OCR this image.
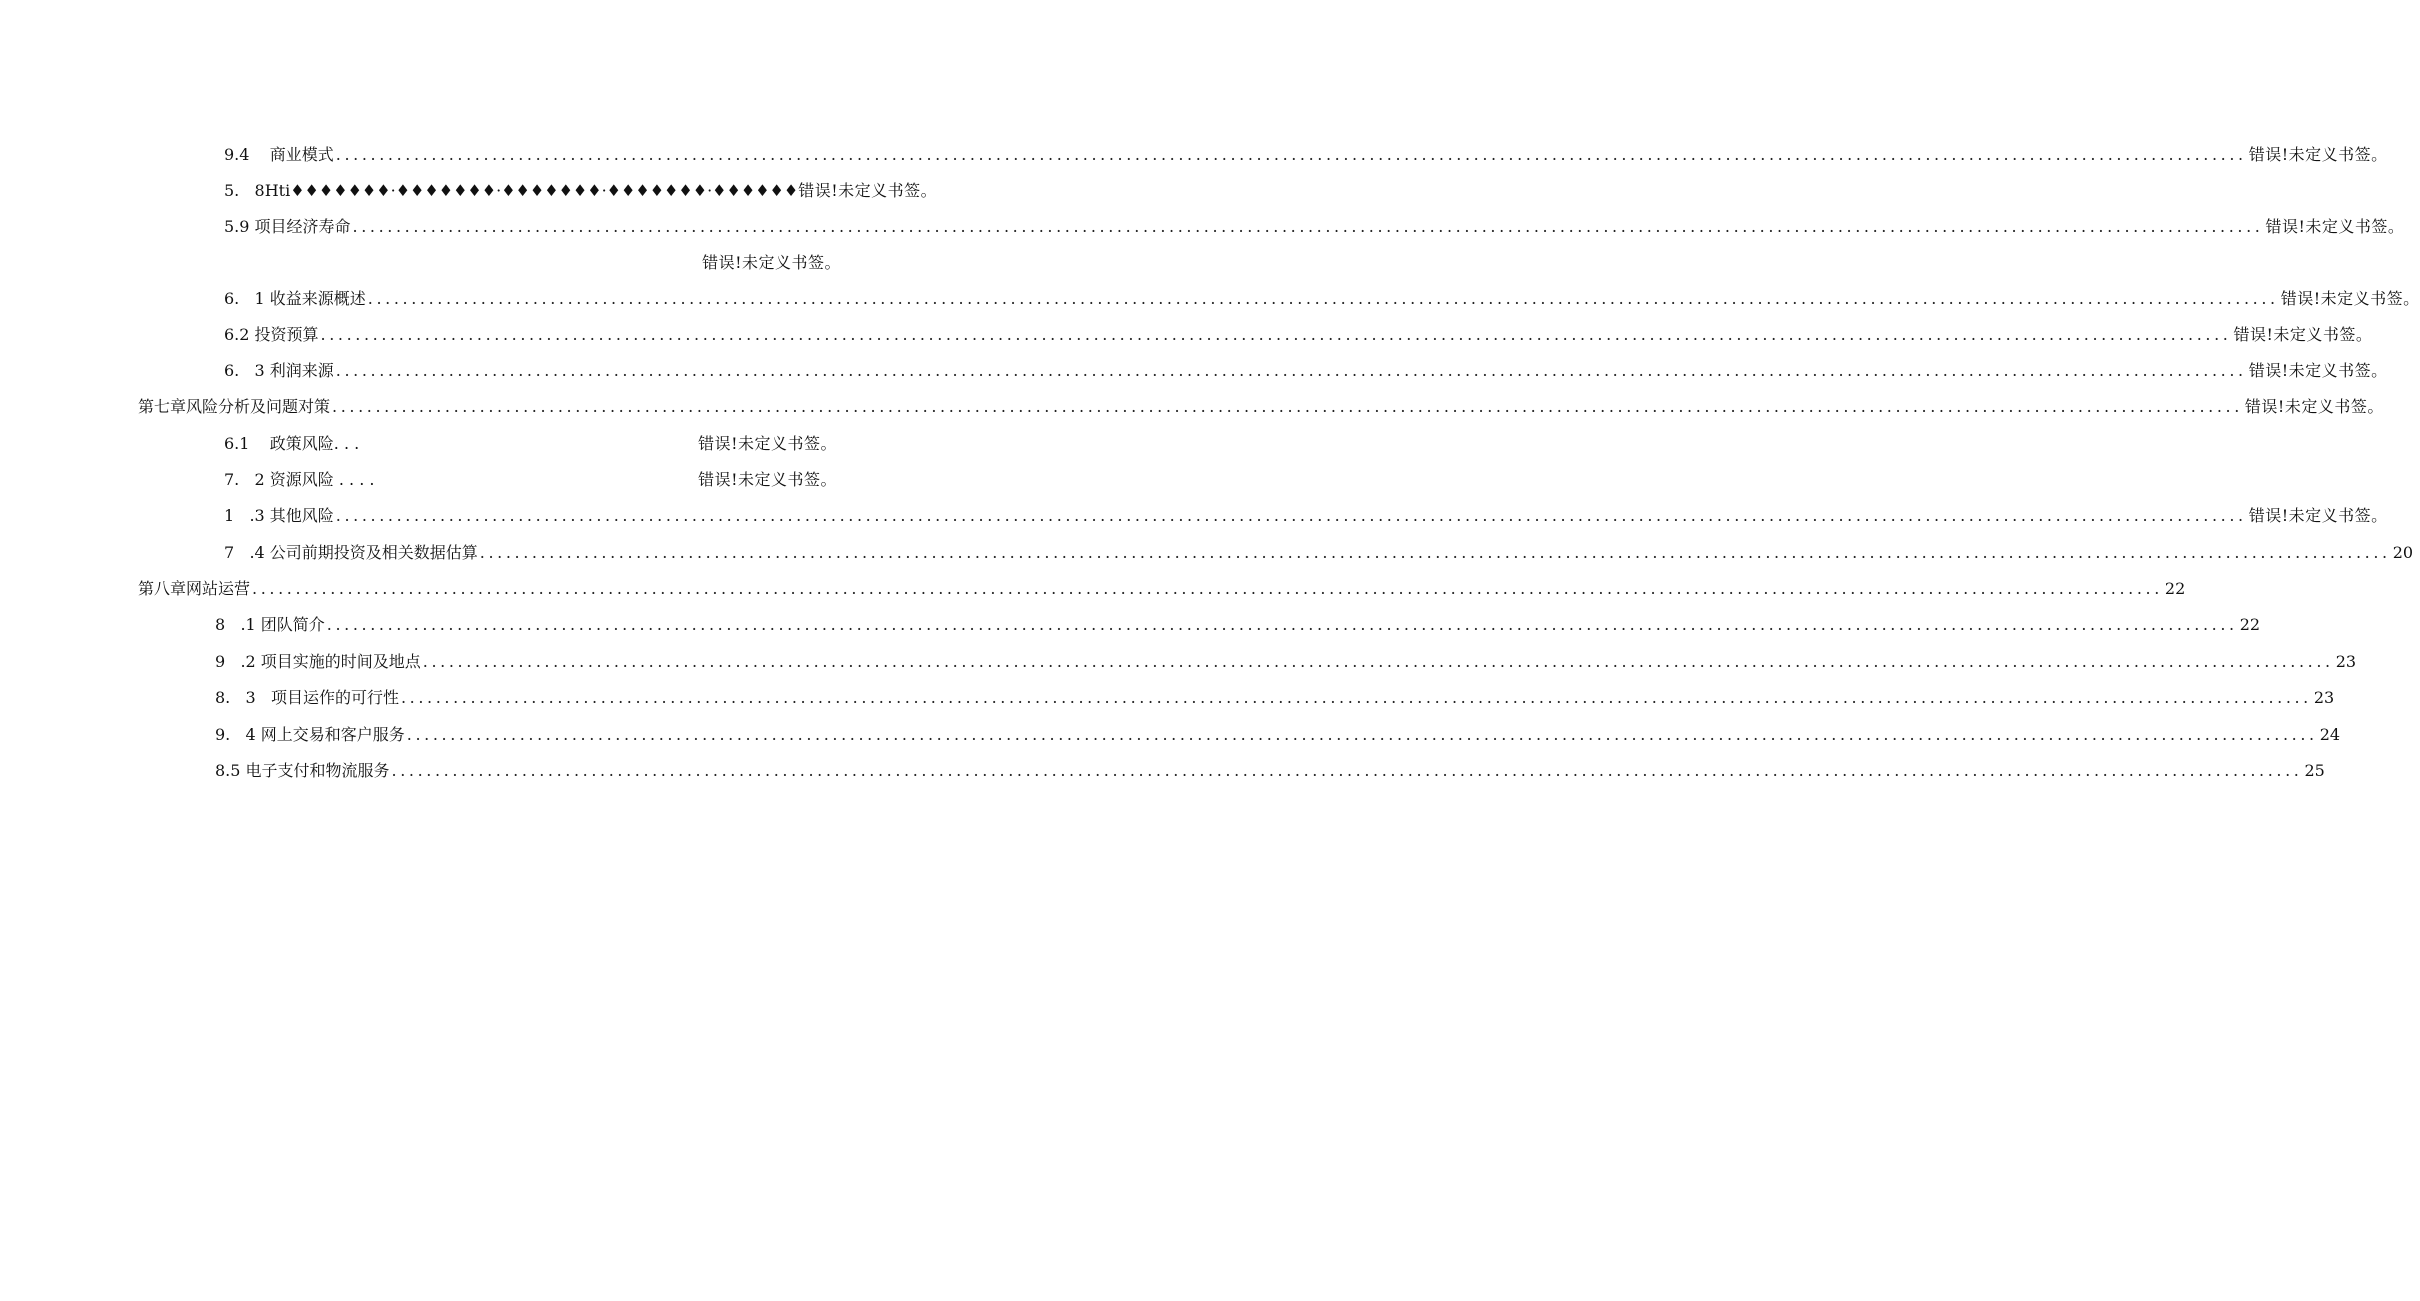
9.4    商业模式 ............................................................................................................................................................................................................................ 错误!未定义书签。
5.   8Hti♦♦♦♦♦♦♦·♦♦♦♦♦♦♦·♦♦♦♦♦♦♦·♦♦♦♦♦♦♦·♦♦♦♦♦♦ 错误!未定义书签。
5.9 项目经济寿命 ............................................................................................................................................................................................................................ 错误!未定义书签。
错误!未定义书签。
6.   1 收益来源概述 ............................................................................................................................................................................................................................ 错误!未定义书签。
6.2 投资预算 ............................................................................................................................................................................................................................ 错误!未定义书签。
6.   3 利润来源 ............................................................................................................................................................................................................................ 错误!未定义书签。
第七章风险分析及问题对策 ............................................................................................................................................................................................................................ 错误!未定义书签。
6.1    政策风险. . .	错误!未定义书签。
7.   2 资源风险 . . . .	错误!未定义书签。
1   .3 其他风险 ............................................................................................................................................................................................................................ 错误!未定义书签。
7   .4 公司前期投资及相关数据估算 ............................................................................................................................................................................................................................ 20
第八章网站运营 ............................................................................................................................................................................................................................ 22
8   .1 团队简介 ............................................................................................................................................................................................................................ 22
9   .2 项目实施的时间及地点 ............................................................................................................................................................................................................................ 23
8.   3   项目运作的可行性 ............................................................................................................................................................................................................................ 23
9.   4 网上交易和客户服务 ............................................................................................................................................................................................................................ 24
8.5 电子支付和物流服务 ............................................................................................................................................................................................................................ 25
